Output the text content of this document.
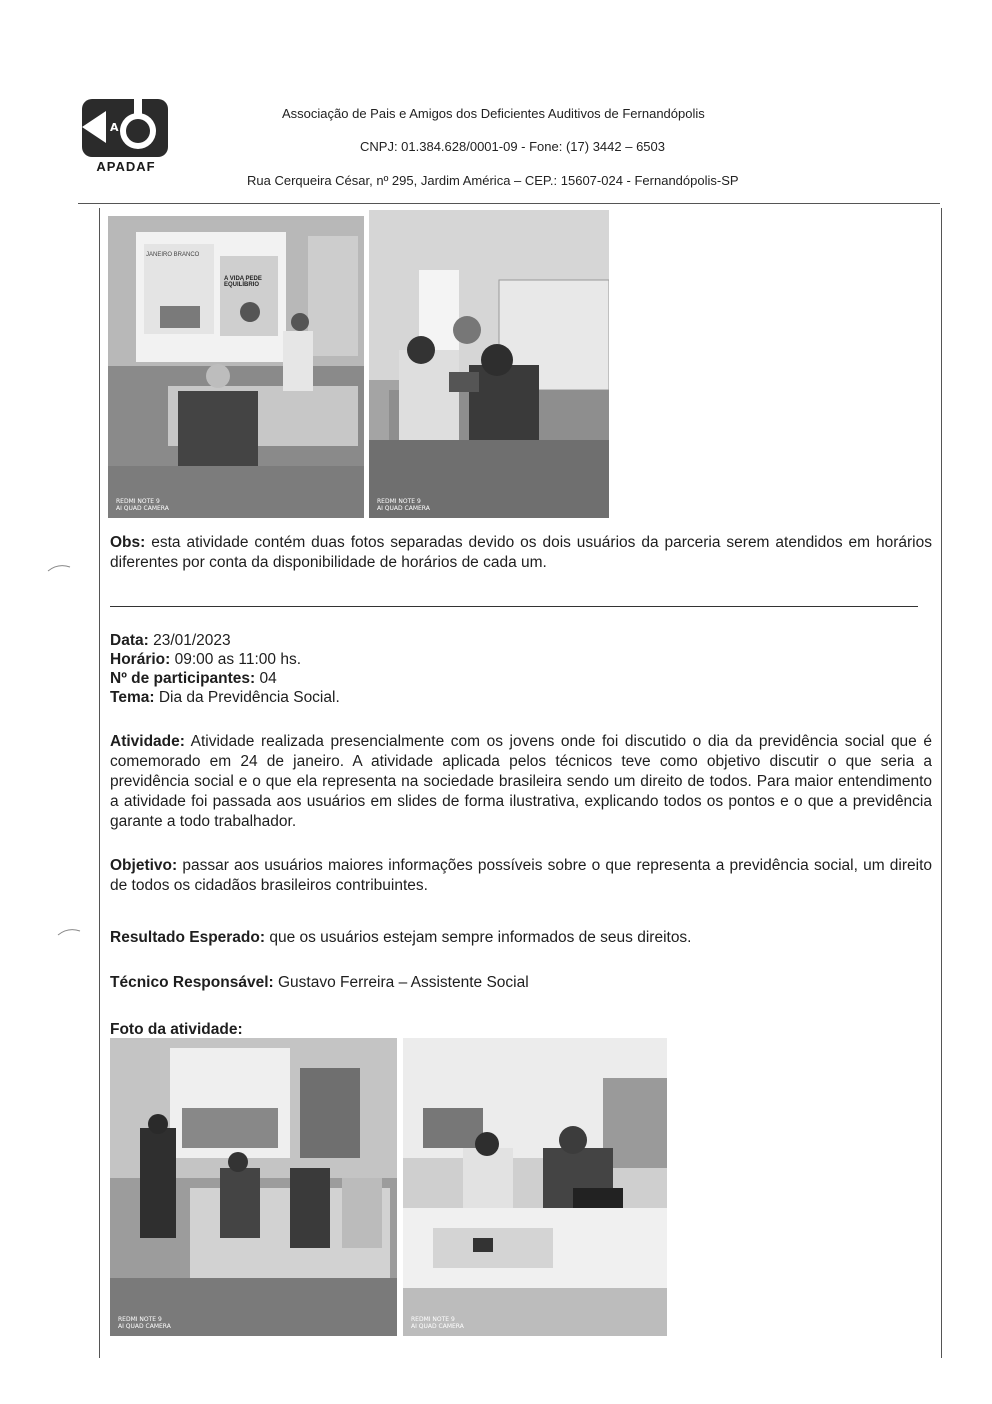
A
APADAF
Associação de Pais e Amigos dos Deficientes Auditivos de Fernandópolis
CNPJ: 01.384.628/0001-09 - Fone: (17) 3442 – 6503
Rua Cerqueira César, nº 295, Jardim América – CEP.: 15607-024 - Fernandópolis-SP
JANEIRO BRANCO
A VIDA PEDE EQUILÍBRIO
REDMI NOTE 9
AI QUAD CAMERA
REDMI NOTE 9
AI QUAD CAMERA
Obs: esta atividade contém duas fotos separadas devido os dois usuários da parceria serem atendidos em horários diferentes por conta da disponibilidade de horários de cada um.
Data: 23/01/2023
Horário: 09:00 as 11:00 hs.
Nº de participantes: 04
Tema: Dia da Previdência Social.
Atividade: Atividade realizada presencialmente com os jovens onde foi discutido o dia da previdência social que é comemorado em 24 de janeiro. A atividade aplicada pelos técnicos teve como objetivo discutir o que seria a previdência social e o que ela representa na sociedade brasileira sendo um direito de todos. Para maior entendimento a atividade foi passada aos usuários em slides de forma ilustrativa, explicando todos os pontos e o que a previdência garante a todo trabalhador.
Objetivo: passar aos usuários maiores informações possíveis sobre o que representa a previdência social, um direito de todos os cidadãos brasileiros contribuintes.
Resultado Esperado: que os usuários estejam sempre informados de seus direitos.
Técnico Responsável: Gustavo Ferreira – Assistente Social
Foto da atividade:
REDMI NOTE 9
AI QUAD CAMERA
REDMI NOTE 9
AI QUAD CAMERA
